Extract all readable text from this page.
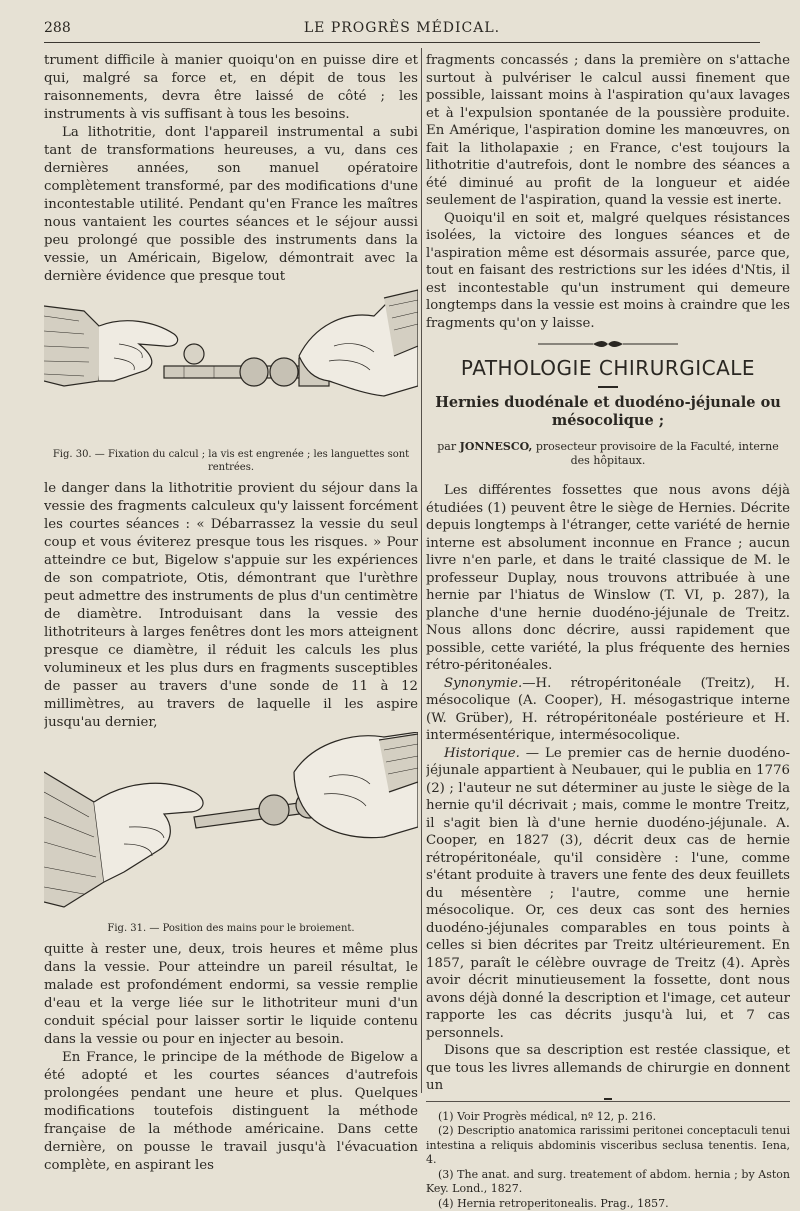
288	LE PROGRÈS MÉDICAL.

trument difficile à manier quoiqu'on en puisse dire et qui, malgré sa force et, en dépit de tous les raisonnements, devra être laissé de côté ; les instruments à vis suffisant à tous les besoins.

La lithotritie, dont l'appareil instrumental a subi tant de transformations heureuses, a vu, dans ces dernières années, son manuel opératoire complètement transformé, par des modifications d'une incontestable utilité. Pendant qu'en France les maîtres nous vantaient les courtes séances et le séjour aussi peu prolongé que possible des instruments dans la vessie, un Américain, Bigelow, démontrait avec la dernière évidence que presque tout

Fig. 30. — Fixation du calcul ; la vis est engrenée ; les languettes sont rentrées.

le danger dans la lithotritie provient du séjour dans la vessie des fragments calculeux qu'y laissent forcément les courtes séances : « Débarrassez la vessie du seul coup et vous éviterez presque tous les risques. » Pour atteindre ce but, Bigelow s'appuie sur les expériences de son compatriote, Otis, démontrant que l'urèthre peut admettre des instruments de plus d'un centimètre de diamètre. Introduisant dans la vessie des lithotriteurs à larges fenêtres dont les mors atteignent presque ce diamètre, il réduit les calculs les plus volumineux et les plus durs en fragments susceptibles de passer au travers d'une sonde de 11 à 12 millimètres, au travers de laquelle il les aspire jusqu'au dernier,

Fig. 31. — Position des mains pour le broiement.

quitte à rester une, deux, trois heures et même plus dans la vessie. Pour atteindre un pareil résultat, le malade est profondément endormi, sa vessie remplie d'eau et la verge liée sur le lithotriteur muni d'un conduit spécial pour laisser sortir le liquide contenu dans la vessie ou pour en injecter au besoin.

En France, le principe de la méthode de Bigelow a été adopté et les courtes séances d'autrefois prolongées pendant une heure et plus. Quelques modifications toutefois distinguent la méthode française de la méthode américaine. Dans cette dernière, on pousse le travail jusqu'à l'évacuation complète, en aspirant les

fragments concassés ; dans la première on s'attache surtout à pulvériser le calcul aussi finement que possible, laissant moins à l'aspiration qu'aux lavages et à l'expulsion spontanée de la poussière produite. En Amérique, l'aspiration domine les manœuvres, on fait la litholapaxie ; en France, c'est toujours la lithotritie d'autrefois, dont le nombre des séances a été diminué au profit de la longueur et aidée seulement de l'aspiration, quand la vessie est inerte.

Quoiqu'il en soit et, malgré quelques résistances isolées, la victoire des longues séances et de l'aspiration même est désormais assurée, parce que, tout en faisant des restrictions sur les idées d'Ntis, il est incontestable qu'un instrument qui demeure longtemps dans la vessie est moins à craindre que les fragments qu'on y laisse.

PATHOLOGIE CHIRURGICALE
Hernies duodénale et duodéno-jéjunale ou mésocolique ;
par JONNESCO, prosecteur provisoire de la Faculté, interne des hôpitaux.

Les différentes fossettes que nous avons déjà étudiées (1) peuvent être le siège de Hernies. Décrite depuis longtemps à l'étranger, cette variété de hernie interne est absolument inconnue en France ; aucun livre n'en parle, et dans le traité classique de M. le professeur Duplay, nous trouvons attribuée à une hernie par l'hiatus de Winslow (T. VI, p. 287), la planche d'une hernie duodéno-jéjunale de Treitz. Nous allons donc décrire, aussi rapidement que possible, cette variété, la plus fréquente des hernies rétro-péritonéales.

Synonymie.—H. rétropéritonéale (Treitz), H. mésocolique (A. Cooper), H. mésogastrique interne (W. Grüber), H. rétropéritonéale postérieure et H. intermésentérique, intermésocolique.

Historique. — Le premier cas de hernie duodéno-jéjunale appartient à Neubauer, qui le publia en 1776 (2) ; l'auteur ne sut déterminer au juste le siège de la hernie qu'il décrivait ; mais, comme le montre Treitz, il s'agit bien là d'une hernie duodéno-jéjunale. A. Cooper, en 1827 (3), décrit deux cas de hernie rétropéritonéale, qu'il considère : l'une, comme s'étant produite à travers une fente des deux feuillets du mésentère ; l'autre, comme une hernie mésocolique. Or, ces deux cas sont des hernies duodéno-jéjunales comparables en tous points à celles si bien décrites par Treitz ultérieurement. En 1857, paraît le célèbre ouvrage de Treitz (4). Après avoir décrit minutieusement la fossette, dont nous avons déjà donné la description et l'image, cet auteur rapporte les cas décrits jusqu'à lui, et 7 cas personnels.

Disons que sa description est restée classique, et que tous les livres allemands de chirurgie en donnent un

(1) Voir Progrès médical, nº 12, p. 216.

(2) Descriptio anatomica rarissimi peritonei conceptaculi tenui intestina a reliquis abdominis visceribus seclusa tenentis. Iena, 4.

(3) The anat. and surg. treatement of abdom. hernia ; by Aston Key. Lond., 1827.

(4) Hernia retroperitonealis. Prag., 1857.
